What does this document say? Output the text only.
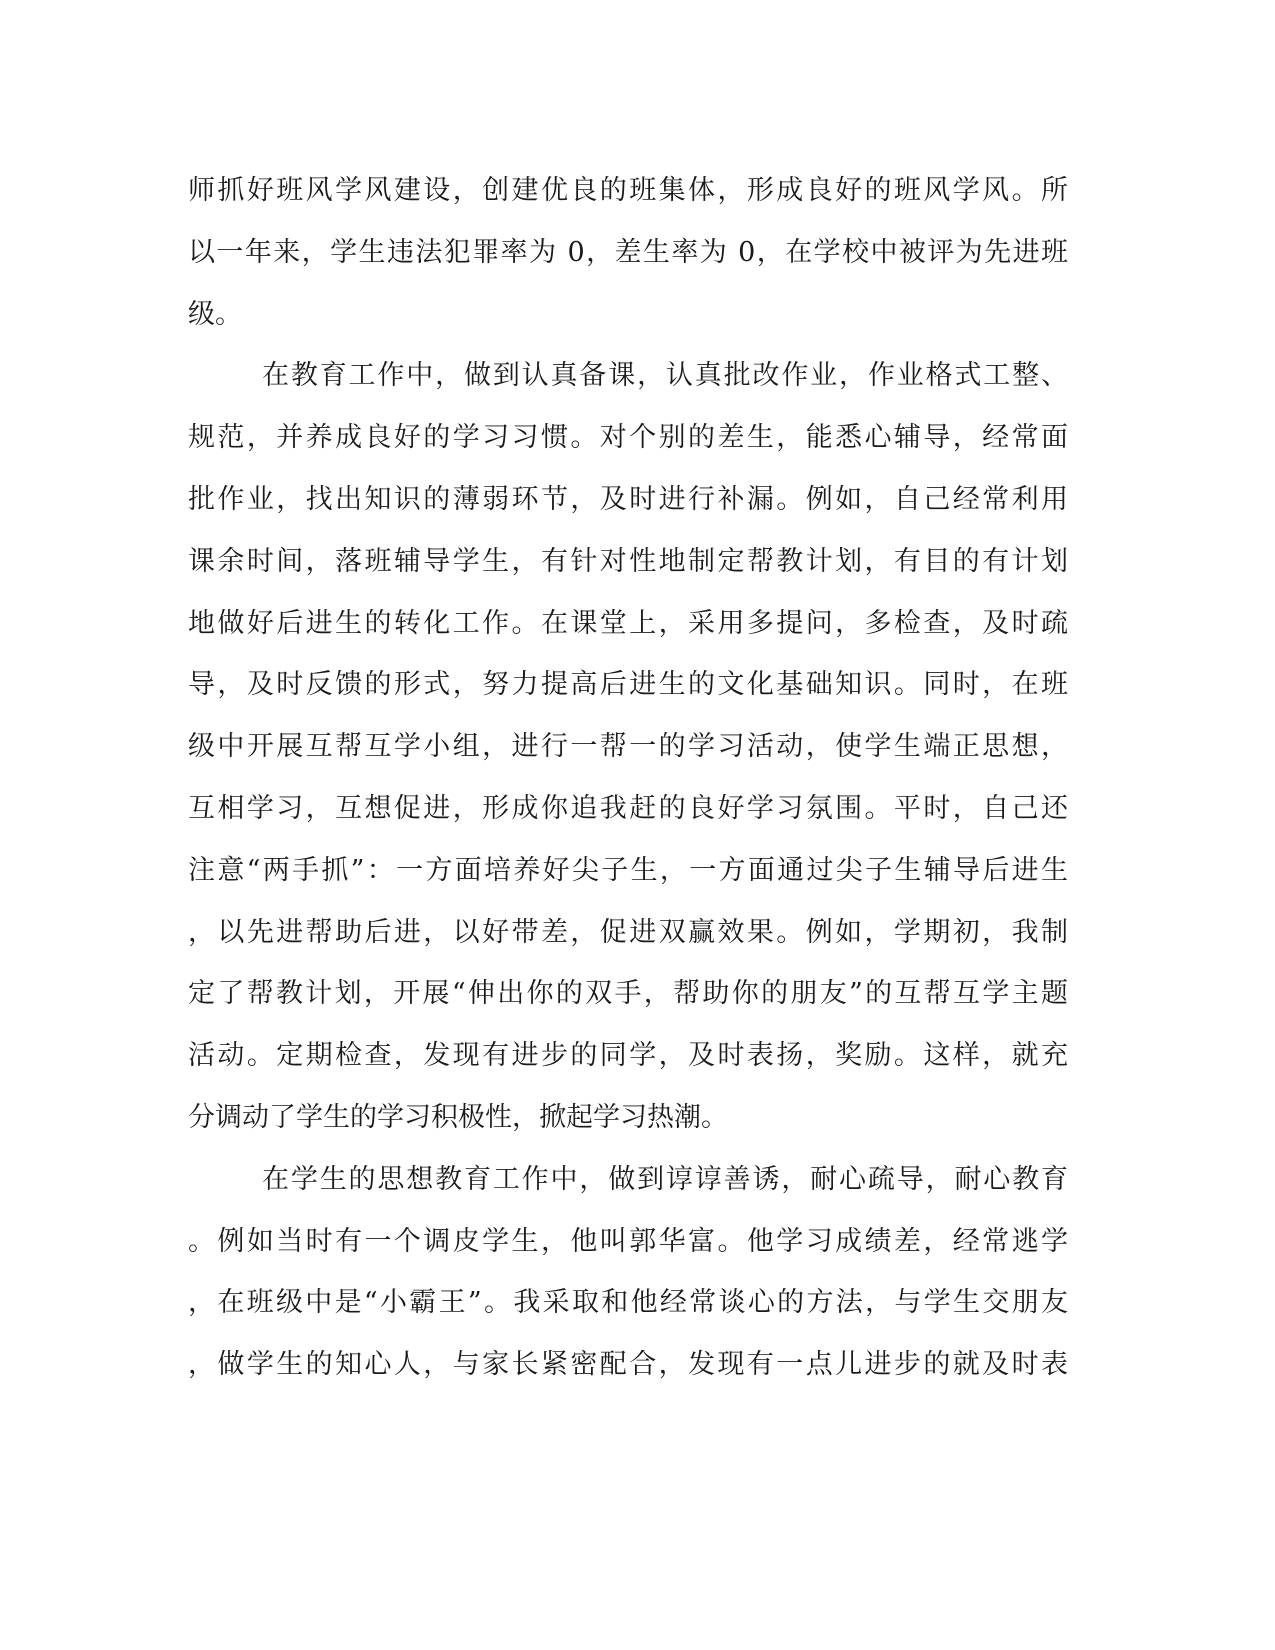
师抓好班风学风建设，创建优良的班集体，形成良好的班风学风。所
以一年来，学生违法犯罪率为 0，差生率为 0，在学校中被评为先进班
级。
在教育工作中，做到认真备课，认真批改作业，作业格式工整、
规范，并养成良好的学习习惯。对个别的差生，能悉心辅导，经常面
批作业，找出知识的薄弱环节，及时进行补漏。例如，自己经常利用
课余时间，落班辅导学生，有针对性地制定帮教计划，有目的有计划
地做好后进生的转化工作。在课堂上，采用多提问，多检查，及时疏
导，及时反馈的形式，努力提高后进生的文化基础知识。同时，在班
级中开展互帮互学小组，进行一帮一的学习活动，使学生端正思想，
互相学习，互想促进，形成你追我赶的良好学习氛围。平时，自己还
注意“两手抓”：一方面培养好尖子生，一方面通过尖子生辅导后进生
，以先进帮助后进，以好带差，促进双赢效果。例如，学期初，我制
定了帮教计划，开展“伸出你的双手，帮助你的朋友”的互帮互学主题
活动。定期检查，发现有进步的同学，及时表扬，奖励。这样，就充
分调动了学生的学习积极性，掀起学习热潮。
在学生的思想教育工作中，做到谆谆善诱，耐心疏导，耐心教育
。例如当时有一个调皮学生，他叫郭华富。他学习成绩差，经常逃学
，在班级中是“小霸王”。我采取和他经常谈心的方法，与学生交朋友
，做学生的知心人，与家长紧密配合，发现有一点儿进步的就及时表
